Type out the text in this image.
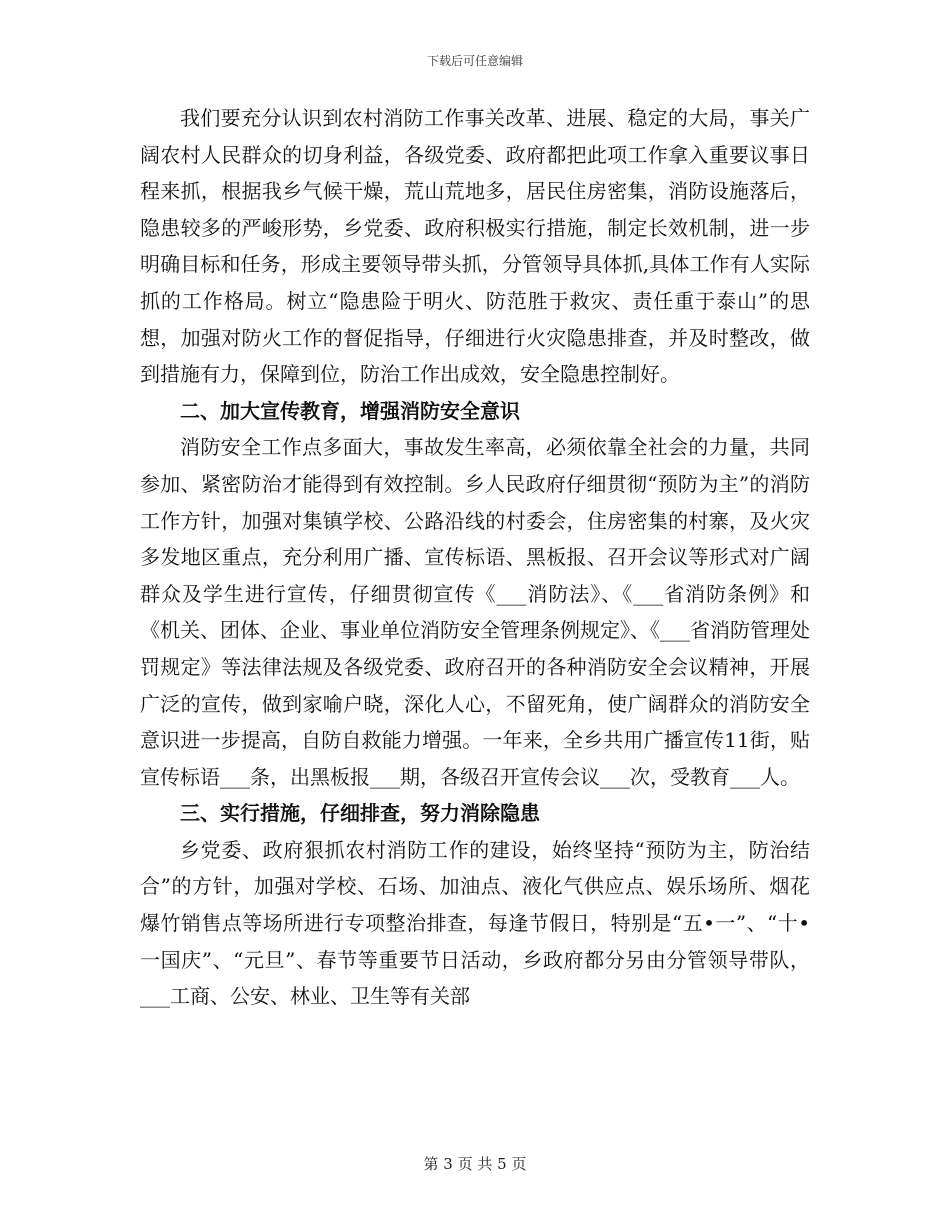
下载后可任意编辑

我们要充分认识到农村消防工作事关改革、进展、稳定的大局，事关广阔农村人民群众的切身利益，各级党委、政府都把此项工作拿入重要议事日程来抓，根据我乡气候干燥，荒山荒地多，居民住房密集，消防设施落后，隐患较多的严峻形势，乡党委、政府积极实行措施，制定长效机制，进一步明确目标和任务，形成主要领导带头抓，分管领导具体抓,具体工作有人实际抓的工作格局。树立“隐患险于明火、防范胜于救灾、责任重于泰山”的思想，加强对防火工作的督促指导，仔细进行火灾隐患排查，并及时整改，做到措施有力，保障到位，防治工作出成效，安全隐患控制好。

二、加大宣传教育，增强消防安全意识

消防安全工作点多面大，事故发生率高，必须依靠全社会的力量，共同参加、紧密防治才能得到有效控制。乡人民政府仔细贯彻“预防为主”的消防工作方针，加强对集镇学校、公路沿线的村委会，住房密集的村寨，及火灾多发地区重点，充分利用广播、宣传标语、黑板报、召开会议等形式对广阔群众及学生进行宣传，仔细贯彻宣传《___消防法》、《___省消防条例》和《机关、团体、企业、事业单位消防安全管理条例规定》、《___省消防管理处罚规定》等法律法规及各级党委、政府召开的各种消防安全会议精神，开展广泛的宣传，做到家喻户晓，深化人心，不留死角，使广阔群众的消防安全意识进一步提高，自防自救能力增强。一年来，全乡共用广播宣传11街，贴宣传标语___条，出黑板报___期，各级召开宣传会议___次，受教育___人。

三、实行措施，仔细排查，努力消除隐患

乡党委、政府狠抓农村消防工作的建设，始终坚持“预防为主，防治结合”的方针，加强对学校、石场、加油点、液化气供应点、娱乐场所、烟花爆竹销售点等场所进行专项整治排查，每逢节假日，特别是“五•一”、“十•一国庆”、“元旦”、春节等重要节日活动，乡政府都分另由分管领导带队，___工商、公安、林业、卫生等有关部

第 3 页 共 5 页
